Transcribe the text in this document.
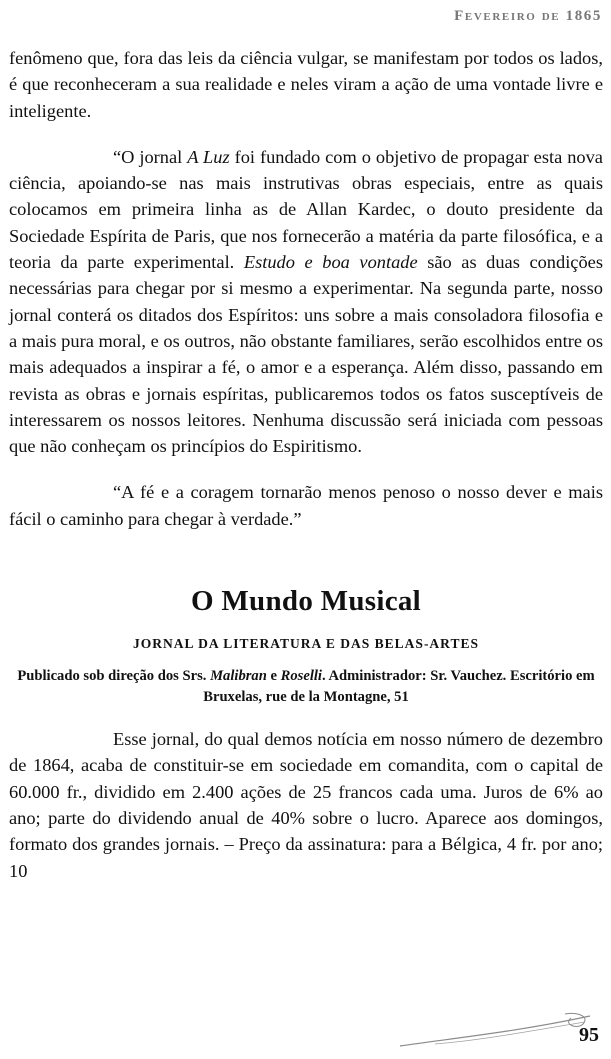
Fevereiro de 1865

fenômeno que, fora das leis da ciência vulgar, se manifestam por todos os lados, é que reconheceram a sua realidade e neles viram a ação de uma vontade livre e inteligente.

“O jornal A Luz foi fundado com o objetivo de propagar esta nova ciência, apoiando-se nas mais instrutivas obras especiais, entre as quais colocamos em primeira linha as de Allan Kardec, o douto presidente da Sociedade Espírita de Paris, que nos fornecerão a matéria da parte filosófica, e a teoria da parte experimental. Estudo e boa vontade são as duas condições necessárias para chegar por si mesmo a experimentar. Na segunda parte, nosso jornal conterá os ditados dos Espíritos: uns sobre a mais consoladora filosofia e a mais pura moral, e os outros, não obstante familiares, serão escolhidos entre os mais adequados a inspirar a fé, o amor e a esperança. Além disso, passando em revista as obras e jornais espíritas, publicaremos todos os fatos susceptíveis de interessarem os nossos leitores. Nenhuma discussão será iniciada com pessoas que não conheçam os princípios do Espiritismo.

“A fé e a coragem tornarão menos penoso o nosso dever e mais fácil o caminho para chegar à verdade.”

O Mundo Musical
JORNAL DA LITERATURA E DAS BELAS-ARTES
Publicado sob direção dos Srs. Malibran e Roselli. Administrador: Sr. Vauchez. Escritório em Bruxelas, rue de la Montagne, 51

Esse jornal, do qual demos notícia em nosso número de dezembro de 1864, acaba de constituir-se em sociedade em comandita, com o capital de 60.000 fr., dividido em 2.400 ações de 25 francos cada uma. Juros de 6% ao ano; parte do dividendo anual de 40% sobre o lucro. Aparece aos domingos, formato dos grandes jornais. – Preço da assinatura: para a Bélgica, 4 fr. por ano; 10

95
